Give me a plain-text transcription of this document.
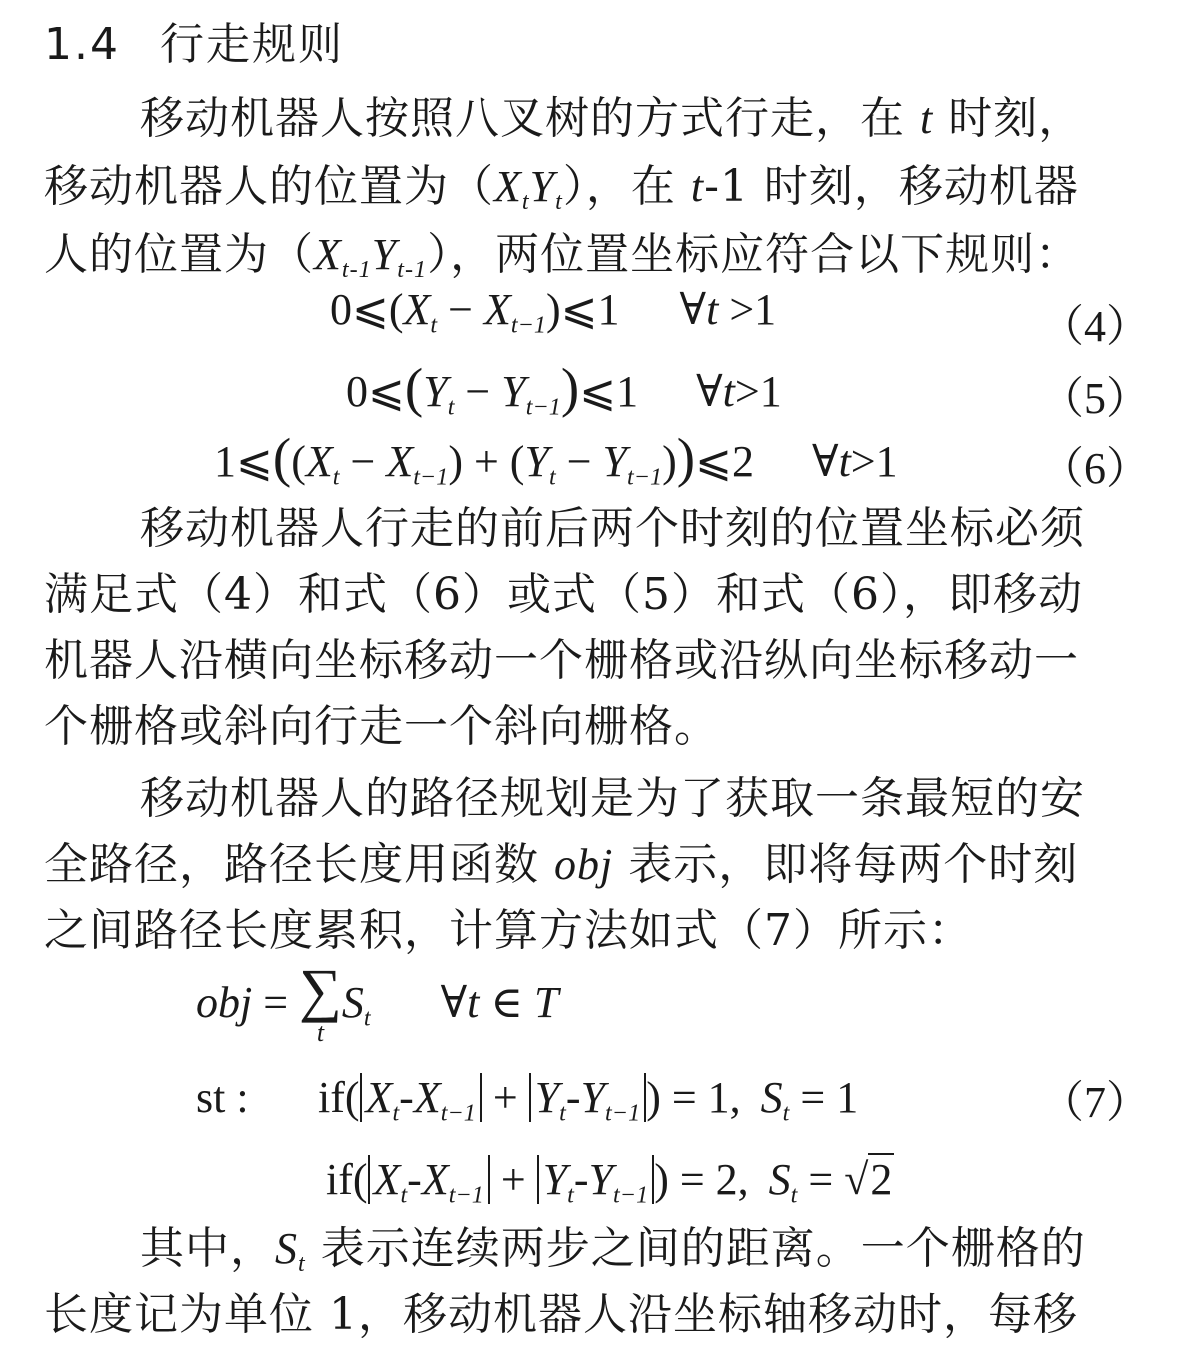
1.4 行走规则
移动机器人按照八叉树的方式行走，在 t 时刻，
移动机器人的位置为$(X_tY_t)$，在 t-1 时刻，移动机器
人的位置为$(X_{t-1}Y_{t-1})$，两位置坐标应符合以下规则：
$0⩽(X_t$ − $X_{t-1})⩽1$ ∀t >1	（4）
$0⩽(Y_t$ − $Y_{t-1})⩽1$ ∀t>1	（5）
$1⩽((X_t - X_{t-1}) + (Y_t$ − $Y_{t-1}))⩽2$ ∀t>1	（6）
移动机器人行走的前后两个时刻的位置坐标必须
满足式（4）和式（6）或式（5）和式（6），即移动
机器人沿横向坐标移动一个栅格或沿纵向坐标移动一
个栅格或斜向行走一个斜向栅格。
移动机器人的路径规划是为了获取一条最短的安
全路径，路径长度用函数 obj 表示，即将每两个时刻
之间路径长度累积，计算方法如式（7）所示：
obj = ∑
t
$S_t$ ∀t ∈ T
st : if( $X_t-X_{t-1} + Y_t-Y_{t-1}$ ) = 1, $S_t = 1$	（7）
if( $X_t-X_{t-1} + Y_t-Y_{t-1}$ ) = 2, $S_t = √2$
其中，$S_t$ 表示连续两步之间的距离。一个栅格的
长度记为单位 1，移动机器人沿坐标轴移动时，每移
